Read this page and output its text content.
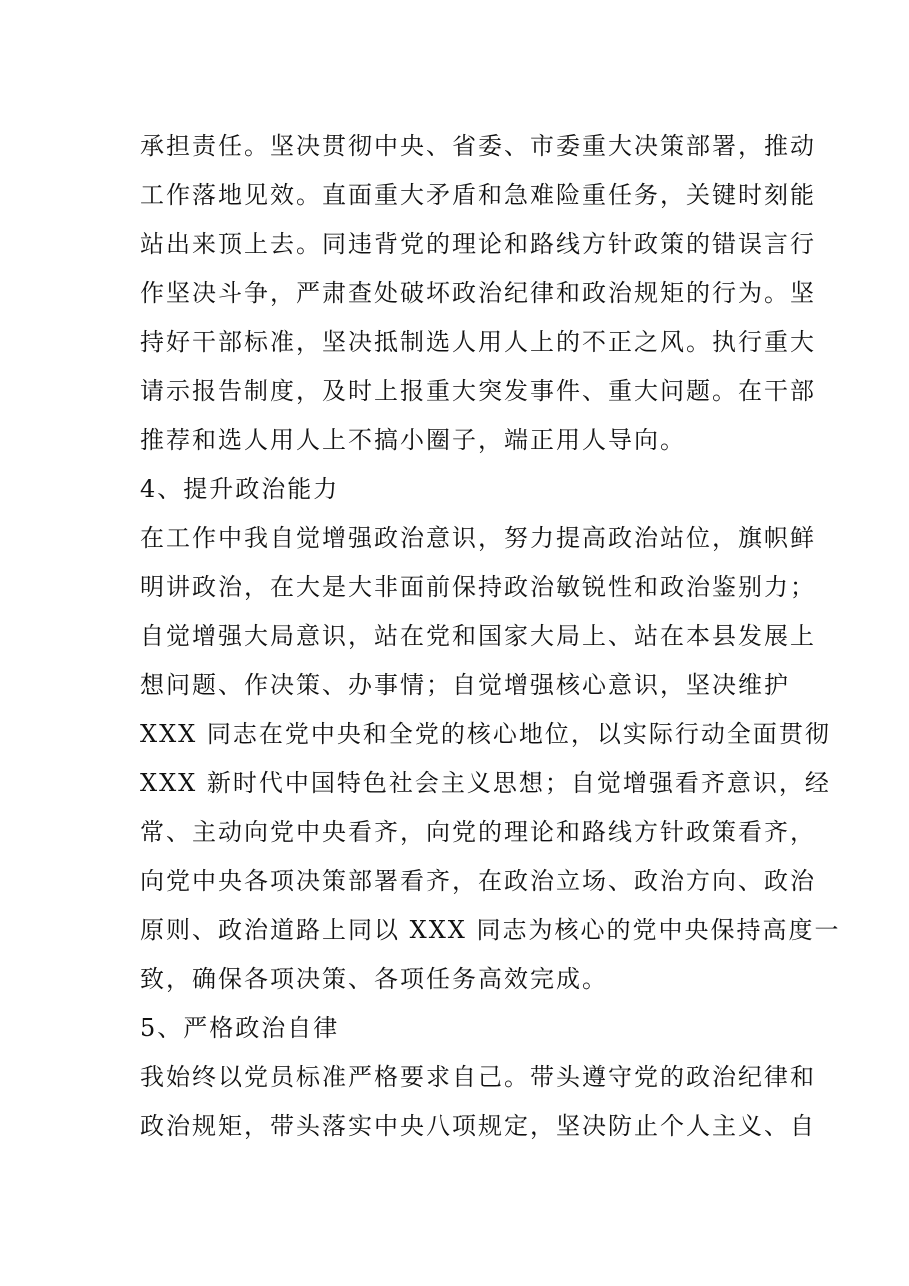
承担责任。坚决贯彻中央、省委、市委重大决策部署，推动
工作落地见效。直面重大矛盾和急难险重任务，关键时刻能
站出来顶上去。同违背党的理论和路线方针政策的错误言行
作坚决斗争，严肃查处破坏政治纪律和政治规矩的行为。坚
持好干部标准，坚决抵制选人用人上的不正之风。执行重大
请示报告制度，及时上报重大突发事件、重大问题。在干部
推荐和选人用人上不搞小圈子，端正用人导向。
4、提升政治能力
在工作中我自觉增强政治意识，努力提高政治站位，旗帜鲜
明讲政治，在大是大非面前保持政治敏锐性和政治鉴别力；
自觉增强大局意识，站在党和国家大局上、站在本县发展上
想问题、作决策、办事情；自觉增强核心意识，坚决维护
XXX 同志在党中央和全党的核心地位，以实际行动全面贯彻
XXX 新时代中国特色社会主义思想；自觉增强看齐意识，经
常、主动向党中央看齐，向党的理论和路线方针政策看齐，
向党中央各项决策部署看齐，在政治立场、政治方向、政治
原则、政治道路上同以 XXX 同志为核心的党中央保持高度一
致，确保各项决策、各项任务高效完成。
5、严格政治自律
我始终以党员标准严格要求自己。带头遵守党的政治纪律和
政治规矩，带头落实中央八项规定，坚决防止个人主义、自
